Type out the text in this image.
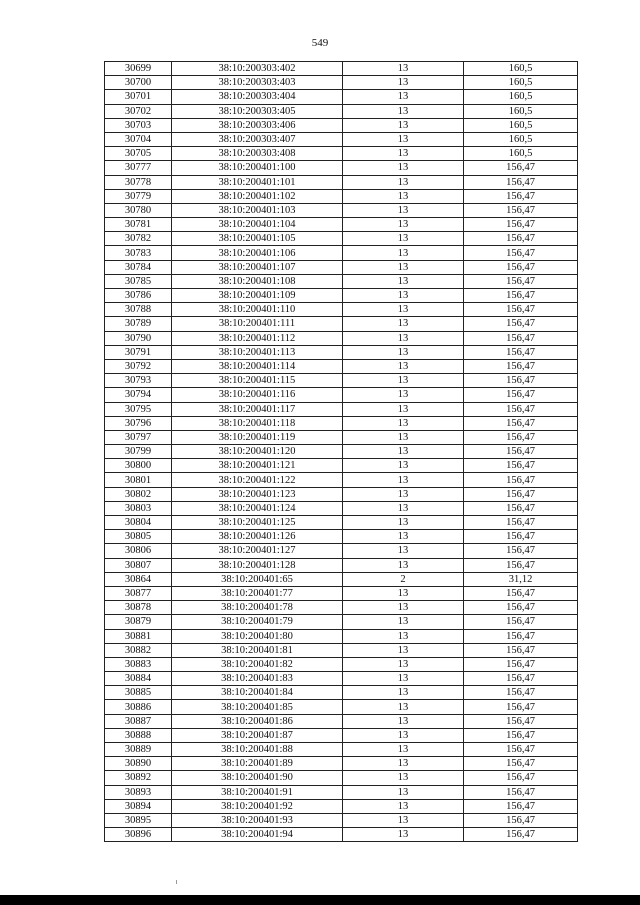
549
30699	38:10:200303:402	13	160,5
30700	38:10:200303:403	13	160,5
30701	38:10:200303:404	13	160,5
30702	38:10:200303:405	13	160,5
30703	38:10:200303:406	13	160,5
30704	38:10:200303:407	13	160,5
30705	38:10:200303:408	13	160,5
30777	38:10:200401:100	13	156,47
30778	38:10:200401:101	13	156,47
30779	38:10:200401:102	13	156,47
30780	38:10:200401:103	13	156,47
30781	38:10:200401:104	13	156,47
30782	38:10:200401:105	13	156,47
30783	38:10:200401:106	13	156,47
30784	38:10:200401:107	13	156,47
30785	38:10:200401:108	13	156,47
30786	38:10:200401:109	13	156,47
30788	38:10:200401:110	13	156,47
30789	38:10:200401:111	13	156,47
30790	38:10:200401:112	13	156,47
30791	38:10:200401:113	13	156,47
30792	38:10:200401:114	13	156,47
30793	38:10:200401:115	13	156,47
30794	38:10:200401:116	13	156,47
30795	38:10:200401:117	13	156,47
30796	38:10:200401:118	13	156,47
30797	38:10:200401:119	13	156,47
30799	38:10:200401:120	13	156,47
30800	38:10:200401:121	13	156,47
30801	38:10:200401:122	13	156,47
30802	38:10:200401:123	13	156,47
30803	38:10:200401:124	13	156,47
30804	38:10:200401:125	13	156,47
30805	38:10:200401:126	13	156,47
30806	38:10:200401:127	13	156,47
30807	38:10:200401:128	13	156,47
30864	38:10:200401:65	2	31,12
30877	38:10:200401:77	13	156,47
30878	38:10:200401:78	13	156,47
30879	38:10:200401:79	13	156,47
30881	38:10:200401:80	13	156,47
30882	38:10:200401:81	13	156,47
30883	38:10:200401:82	13	156,47
30884	38:10:200401:83	13	156,47
30885	38:10:200401:84	13	156,47
30886	38:10:200401:85	13	156,47
30887	38:10:200401:86	13	156,47
30888	38:10:200401:87	13	156,47
30889	38:10:200401:88	13	156,47
30890	38:10:200401:89	13	156,47
30892	38:10:200401:90	13	156,47
30893	38:10:200401:91	13	156,47
30894	38:10:200401:92	13	156,47
30895	38:10:200401:93	13	156,47
30896	38:10:200401:94	13	156,47
